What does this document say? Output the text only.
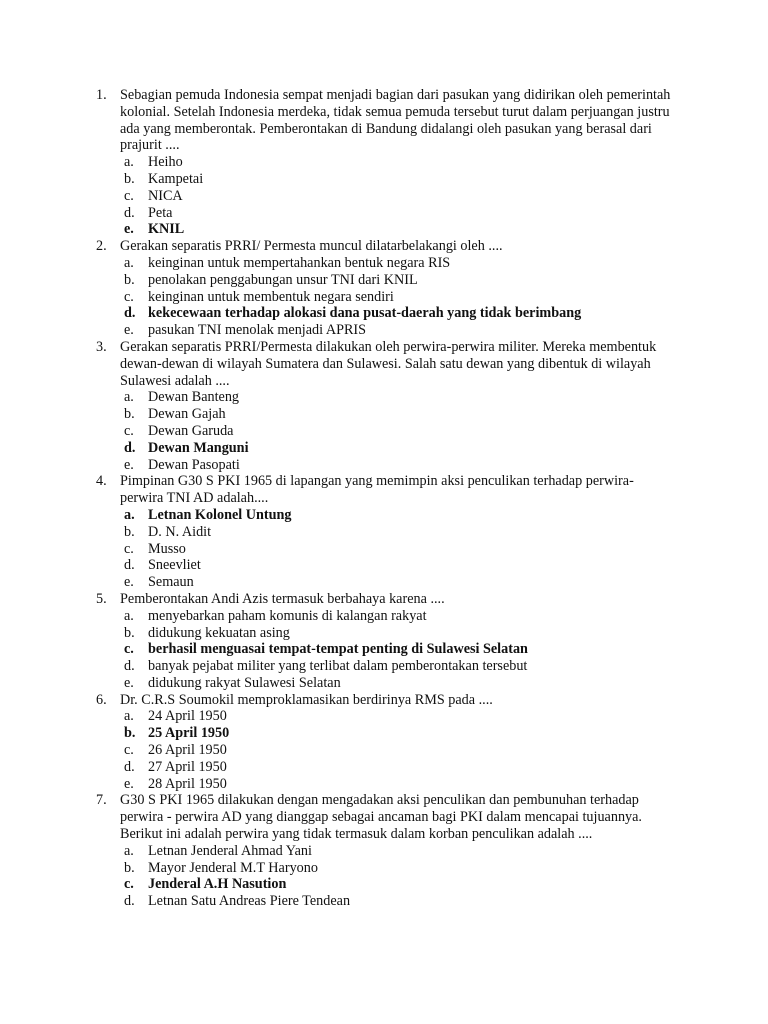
1. Sebagian pemuda Indonesia sempat menjadi bagian dari pasukan yang didirikan oleh pemerintah kolonial. Setelah Indonesia merdeka, tidak semua pemuda tersebut turut dalam perjuangan justru ada yang memberontak. Pemberontakan di Bandung didalangi oleh pasukan yang berasal dari prajurit ....
a. Heiho
b. Kampetai
c. NICA
d. Peta
e. KNIL
2. Gerakan separatis PRRI/ Permesta muncul dilatarbelakangi oleh ....
a. keinginan untuk mempertahankan bentuk negara RIS
b. penolakan penggabungan unsur TNI dari KNIL
c. keinginan untuk membentuk negara sendiri
d. kekecewaan terhadap alokasi dana pusat-daerah yang tidak berimbang
e. pasukan TNI menolak menjadi APRIS
3. Gerakan separatis PRRI/Permesta dilakukan oleh perwira-perwira militer. Mereka membentuk dewan-dewan di wilayah Sumatera dan Sulawesi. Salah satu dewan yang dibentuk di wilayah Sulawesi adalah ....
a. Dewan Banteng
b. Dewan Gajah
c. Dewan Garuda
d. Dewan Manguni
e. Dewan Pasopati
4. Pimpinan G30 S PKI 1965 di lapangan yang memimpin aksi penculikan terhadap perwira-perwira TNI AD adalah....
a. Letnan Kolonel Untung
b. D. N. Aidit
c. Musso
d. Sneevliet
e. Semaun
5. Pemberontakan Andi Azis termasuk berbahaya karena ....
a. menyebarkan paham komunis di kalangan rakyat
b. didukung kekuatan asing
c. berhasil menguasai tempat-tempat penting di Sulawesi Selatan
d. banyak pejabat militer yang terlibat dalam pemberontakan tersebut
e. didukung rakyat Sulawesi Selatan
6. Dr. C.R.S Soumokil memproklamasikan berdirinya RMS pada ....
a. 24 April 1950
b. 25 April 1950
c. 26 April 1950
d. 27 April 1950
e. 28 April 1950
7. G30 S PKI 1965 dilakukan dengan mengadakan aksi penculikan dan pembunuhan terhadap perwira - perwira AD yang dianggap sebagai ancaman bagi PKI dalam mencapai tujuannya. Berikut ini adalah perwira yang tidak termasuk dalam korban penculikan adalah ....
a. Letnan Jenderal Ahmad Yani
b. Mayor Jenderal M.T Haryono
c. Jenderal A.H Nasution
d. Letnan Satu Andreas Piere Tendean
